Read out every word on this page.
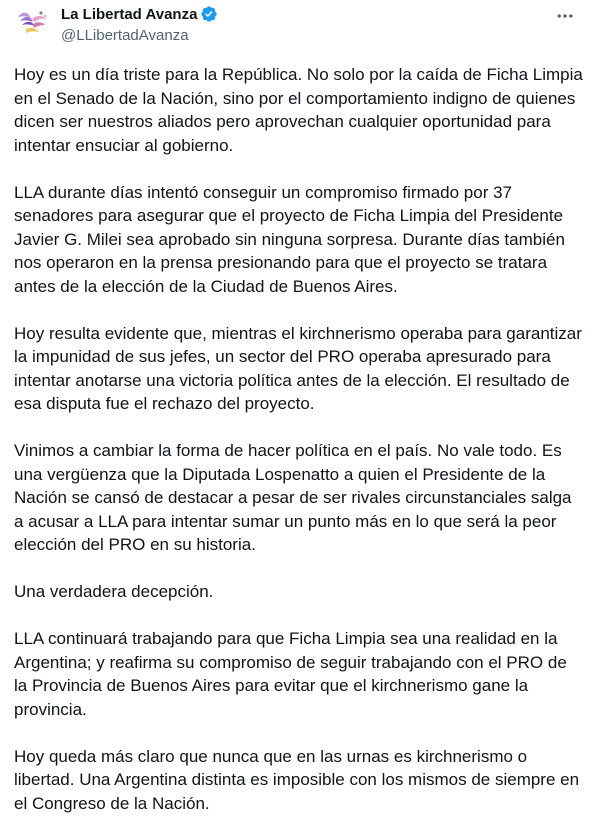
La Libertad Avanza
@LLibertadAvanza

Hoy es un día triste para la República. No solo por la caída de Ficha Limpia en el Senado de la Nación, sino por el comportamiento indigno de quienes dicen ser nuestros aliados pero aprovechan cualquier oportunidad para intentar ensuciar al gobierno.

LLA durante días intentó conseguir un compromiso firmado por 37 senadores para asegurar que el proyecto de Ficha Limpia del Presidente Javier G. Milei sea aprobado sin ninguna sorpresa. Durante días también nos operaron en la prensa presionando para que el proyecto se tratara antes de la elección de la Ciudad de Buenos Aires.

Hoy resulta evidente que, mientras el kirchnerismo operaba para garantizar la impunidad de sus jefes, un sector del PRO operaba apresurado para intentar anotarse una victoria política antes de la elección. El resultado de esa disputa fue el rechazo del proyecto.

Vinimos a cambiar la forma de hacer política en el país. No vale todo. Es una vergüenza que la Diputada Lospenatto a quien el Presidente de la Nación se cansó de destacar a pesar de ser rivales circunstanciales salga a acusar a LLA para intentar sumar un punto más en lo que será la peor elección del PRO en su historia.

Una verdadera decepción.

LLA continuará trabajando para que Ficha Limpia sea una realidad en la Argentina; y reafirma su compromiso de seguir trabajando con el PRO de la Provincia de Buenos Aires para evitar que el kirchnerismo gane la provincia.

Hoy queda más claro que nunca que en las urnas es kirchnerismo o libertad. Una Argentina distinta es imposible con los mismos de siempre en el Congreso de la Nación.
